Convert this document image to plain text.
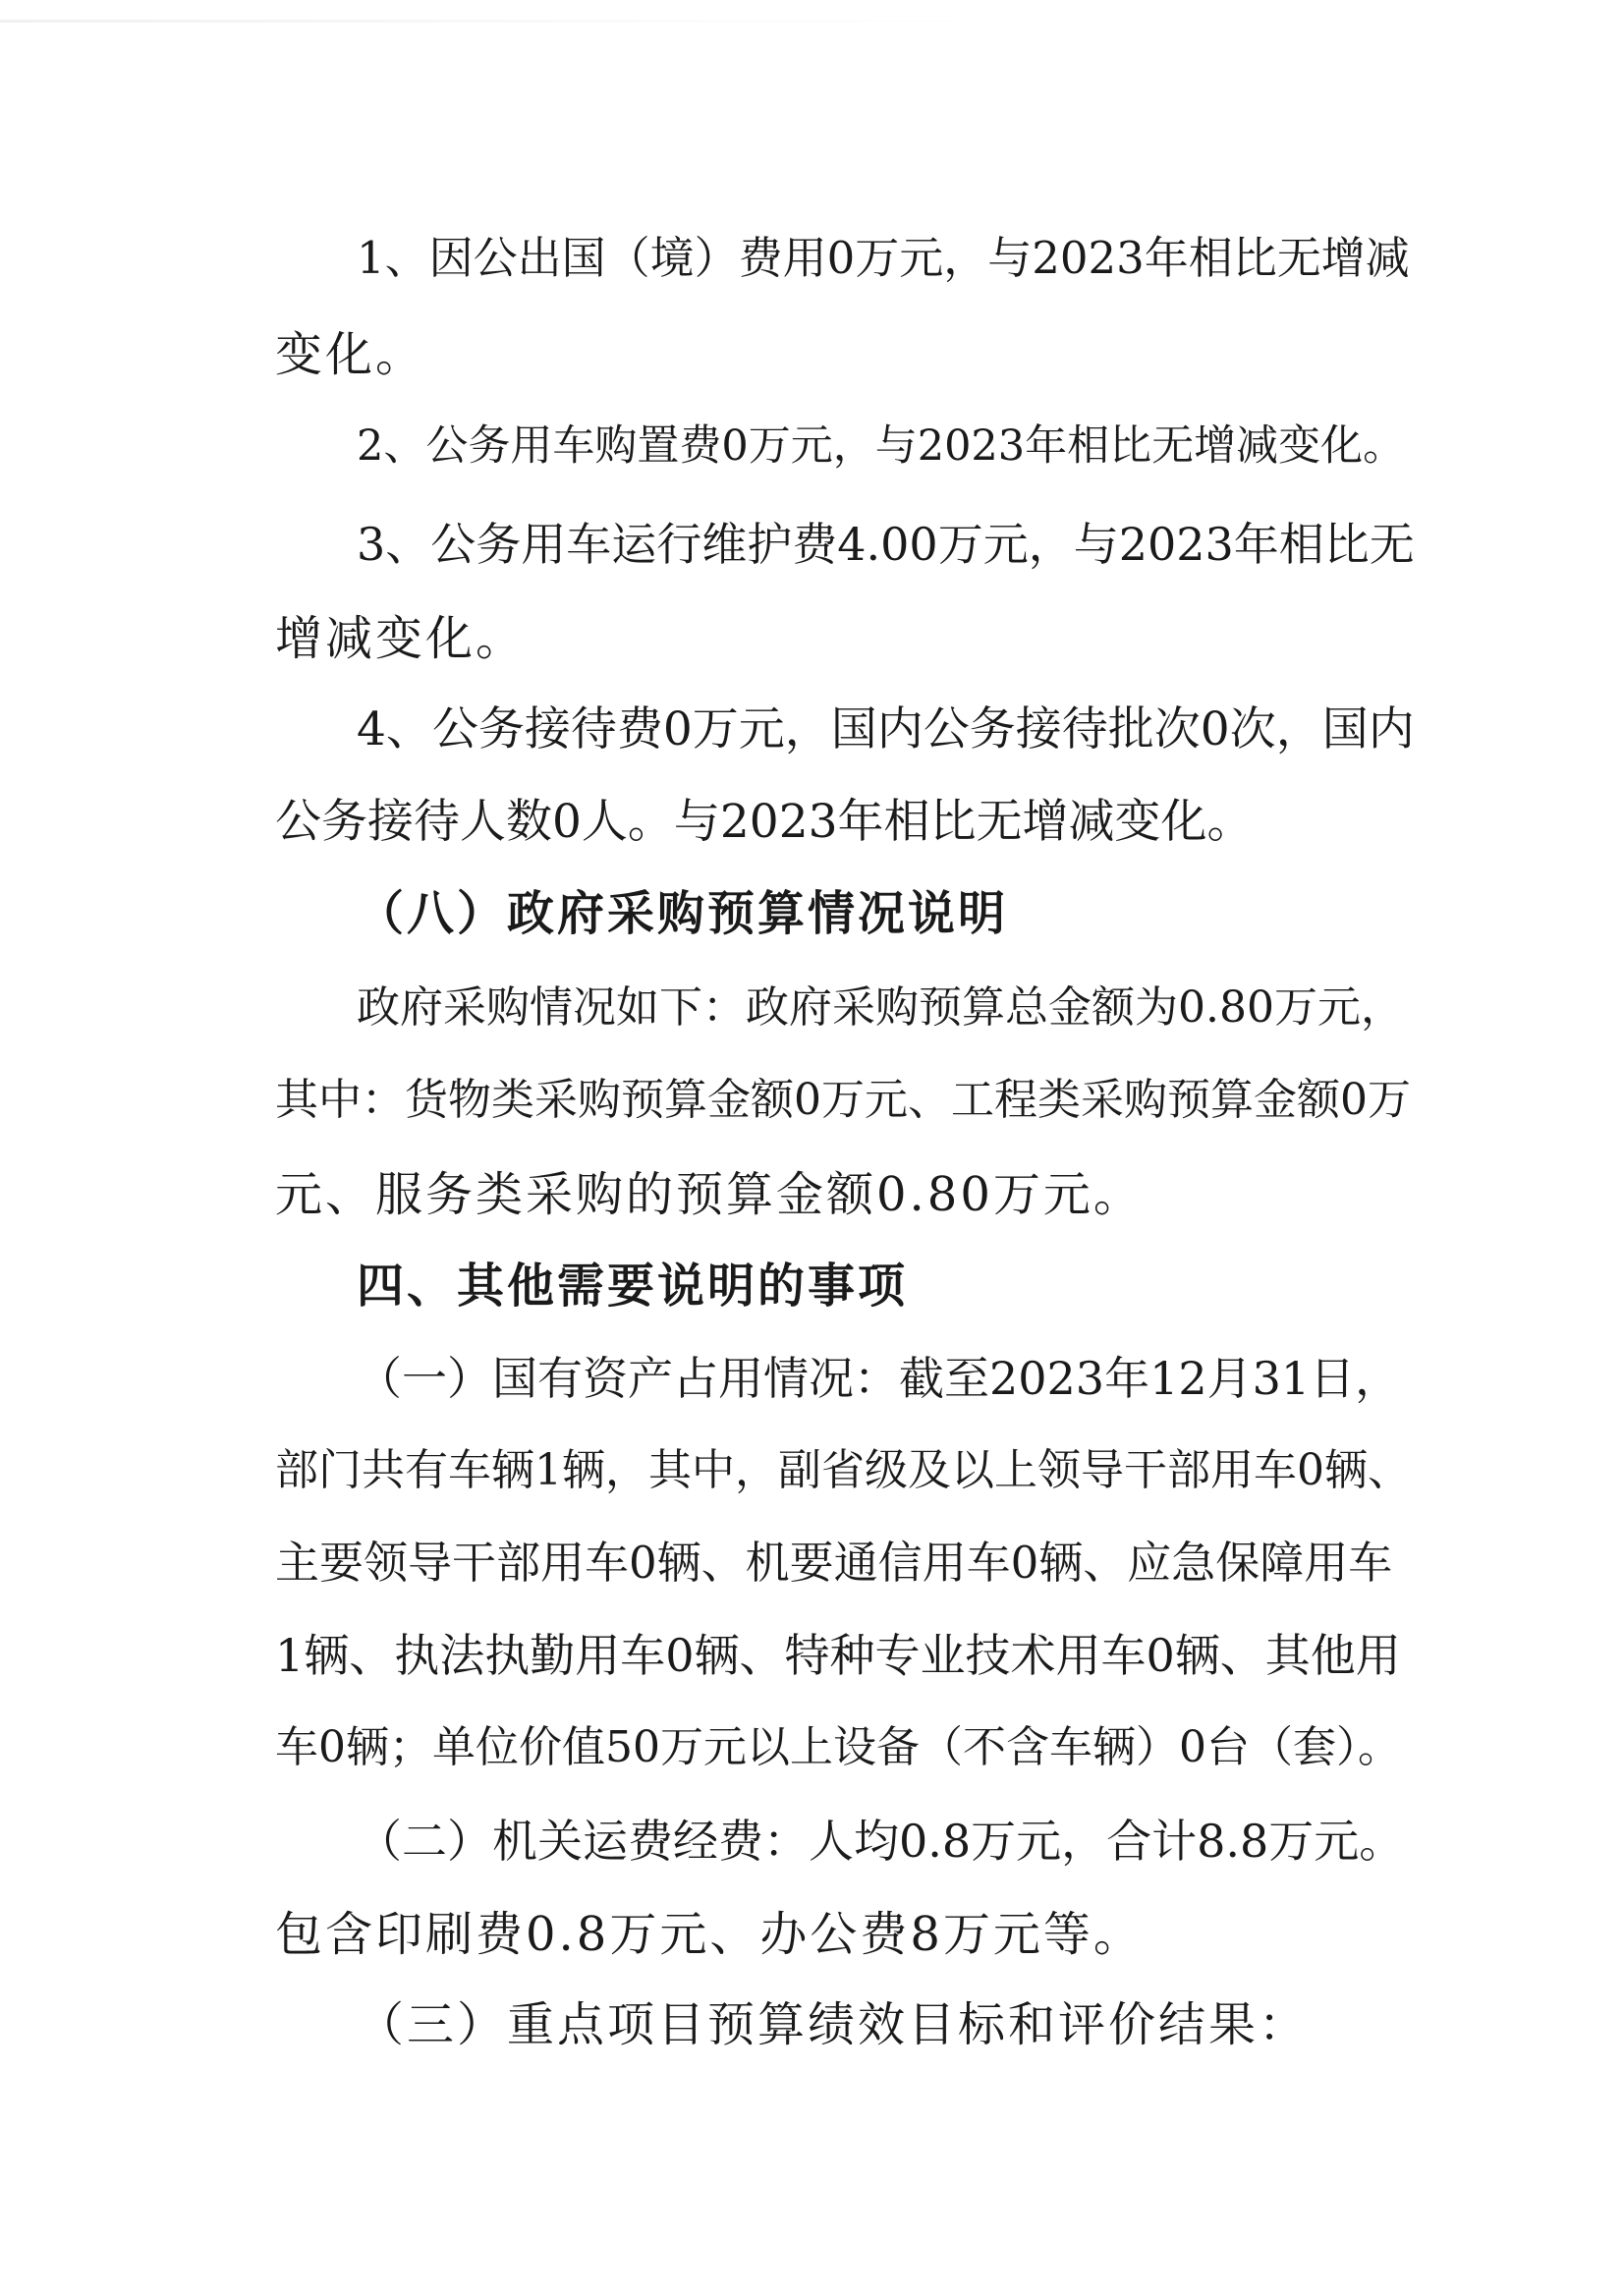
1、因公出国（境）费用0万元，与2023年相比无增减
变化。
2、公务用车购置费0万元，与2023年相比无增减变化。
3、公务用车运行维护费4.00万元，与2023年相比无
增减变化。
4、公务接待费0万元，国内公务接待批次0次，国内
公务接待人数0人。与2023年相比无增减变化。
（八）政府采购预算情况说明
政府采购情况如下：政府采购预算总金额为0.80万元，
其中：货物类采购预算金额0万元、工程类采购预算金额0万
元、服务类采购的预算金额0.80万元。
四、其他需要说明的事项
（一）国有资产占用情况：截至2023年12月31日，
部门共有车辆1辆，其中，副省级及以上领导干部用车0辆、
主要领导干部用车0辆、机要通信用车0辆、应急保障用车
1辆、执法执勤用车0辆、特种专业技术用车0辆、其他用
车0辆；单位价值50万元以上设备（不含车辆）0台（套）。
（二）机关运费经费：人均0.8万元，合计8.8万元。
包含印刷费0.8万元、办公费8万元等。
（三）重点项目预算绩效目标和评价结果：
